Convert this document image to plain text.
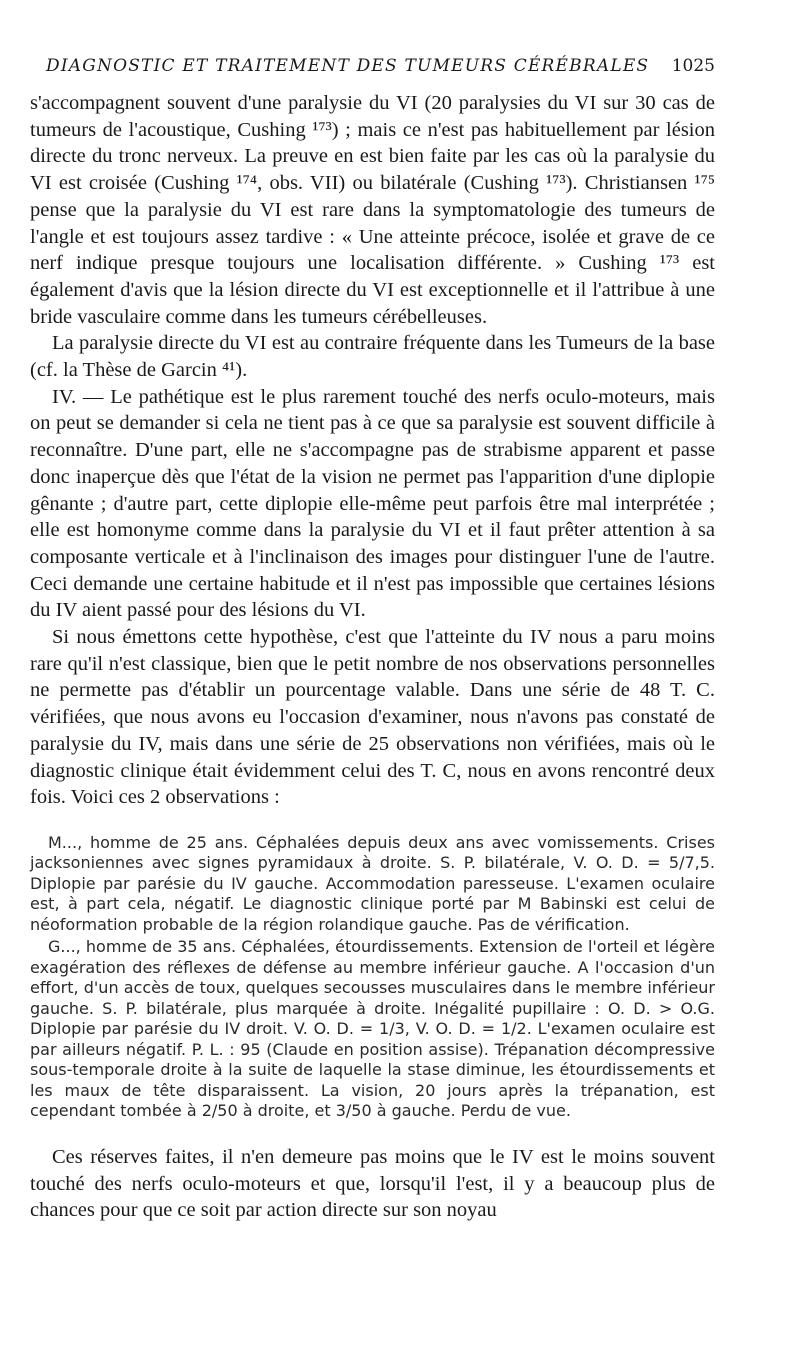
DIAGNOSTIC ET TRAITEMENT DES TUMEURS CÉRÉBRALES 1025

s'accompagnent souvent d'une paralysie du VI (20 paralysies du VI sur 30 cas de tumeurs de l'acoustique, Cushing ¹⁷³) ; mais ce n'est pas habituellement par lésion directe du tronc nerveux. La preuve en est bien faite par les cas où la paralysie du VI est croisée (Cushing ¹⁷⁴, obs. VII) ou bilatérale (Cushing ¹⁷³). Christiansen ¹⁷⁵ pense que la paralysie du VI est rare dans la symptomatologie des tumeurs de l'angle et est toujours assez tardive : « Une atteinte précoce, isolée et grave de ce nerf indique presque toujours une localisation différente. » Cushing ¹⁷³ est également d'avis que la lésion directe du VI est exceptionnelle et il l'attribue à une bride vasculaire comme dans les tumeurs cérébelleuses.

La paralysie directe du VI est au contraire fréquente dans les Tumeurs de la base (cf. la Thèse de Garcin ⁴¹).

IV. — Le pathétique est le plus rarement touché des nerfs oculo-moteurs, mais on peut se demander si cela ne tient pas à ce que sa paralysie est souvent difficile à reconnaître. D'une part, elle ne s'accompagne pas de strabisme apparent et passe donc inaperçue dès que l'état de la vision ne permet pas l'apparition d'une diplopie gênante ; d'autre part, cette diplopie elle-même peut parfois être mal interprétée ; elle est homonyme comme dans la paralysie du VI et il faut prêter attention à sa composante verticale et à l'inclinaison des images pour distinguer l'une de l'autre. Ceci demande une certaine habitude et il n'est pas impossible que certaines lésions du IV aient passé pour des lésions du VI.

Si nous émettons cette hypothèse, c'est que l'atteinte du IV nous a paru moins rare qu'il n'est classique, bien que le petit nombre de nos observations personnelles ne permette pas d'établir un pourcentage valable. Dans une série de 48 T. C. vérifiées, que nous avons eu l'occasion d'examiner, nous n'avons pas constaté de paralysie du IV, mais dans une série de 25 observations non vérifiées, mais où le diagnostic clinique était évidemment celui des T. C, nous en avons rencontré deux fois. Voici ces 2 observations :

M..., homme de 25 ans. Céphalées depuis deux ans avec vomissements. Crises jacksoniennes avec signes pyramidaux à droite. S. P. bilatérale, V. O. D. = 5/7,5. Diplopie par parésie du IV gauche. Accommodation paresseuse. L'examen oculaire est, à part cela, négatif. Le diagnostic clinique porté par M Babinski est celui de néoformation probable de la région rolandique gauche. Pas de vérification.

G..., homme de 35 ans. Céphalées, étourdissements. Extension de l'orteil et légère exagération des réflexes de défense au membre inférieur gauche. A l'occasion d'un effort, d'un accès de toux, quelques secousses musculaires dans le membre inférieur gauche. S. P. bilatérale, plus marquée à droite. Inégalité pupillaire : O. D. > O.G. Diplopie par parésie du IV droit. V. O. D. = 1/3, V. O. D. = 1/2. L'examen oculaire est par ailleurs négatif. P. L. : 95 (Claude en position assise). Trépanation décompressive sous-temporale droite à la suite de laquelle la stase diminue, les étourdissements et les maux de tête disparaissent. La vision, 20 jours après la trépanation, est cependant tombée à 2/50 à droite, et 3/50 à gauche. Perdu de vue.

Ces réserves faites, il n'en demeure pas moins que le IV est le moins souvent touché des nerfs oculo-moteurs et que, lorsqu'il l'est, il y a beaucoup plus de chances pour que ce soit par action directe sur son noyau
